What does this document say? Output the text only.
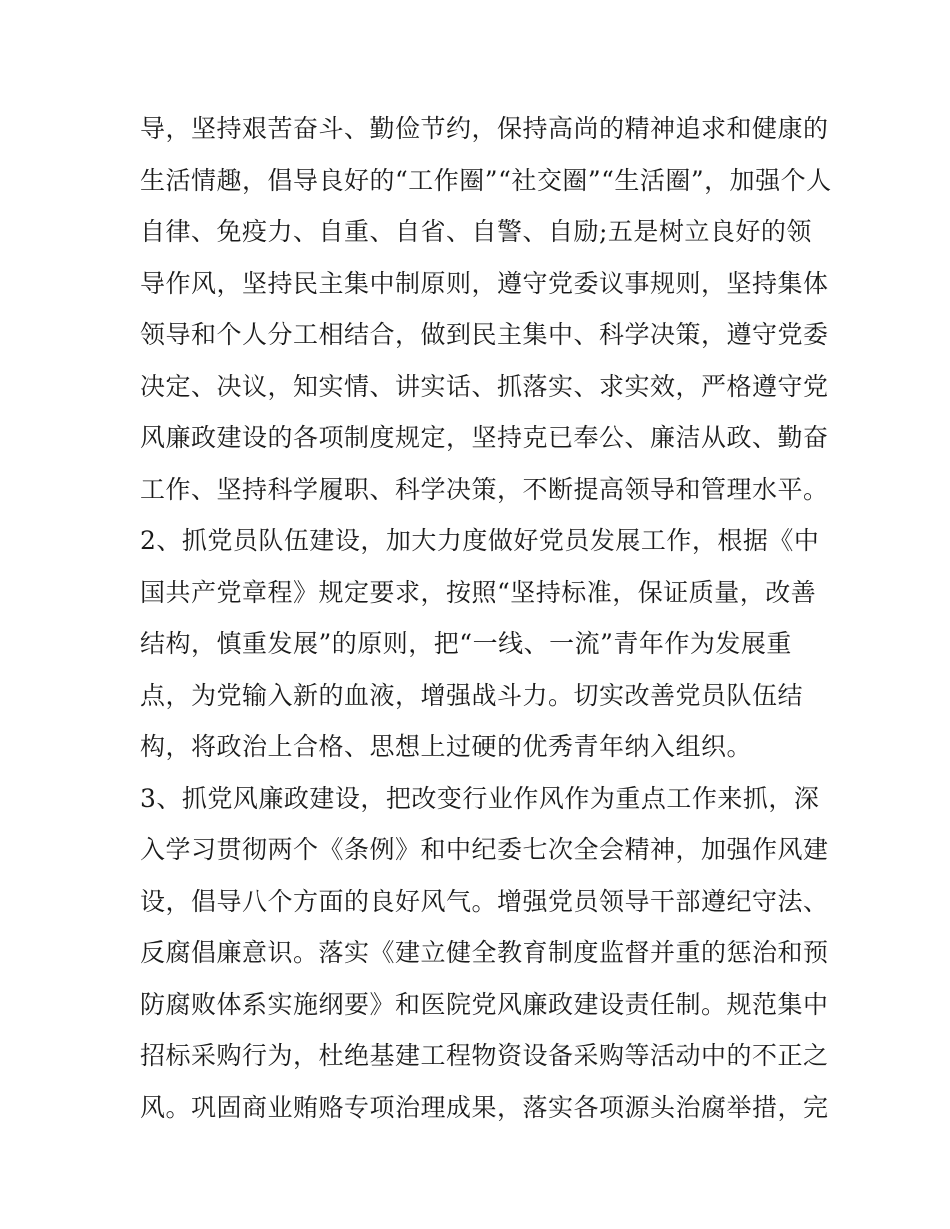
导，坚持艰苦奋斗、勤俭节约，保持高尚的精神追求和健康的
生活情趣，倡导良好的“工作圈”“社交圈”“生活圈”，加强个人
自律、免疫力、自重、自省、自警、自励;五是树立良好的领
导作风，坚持民主集中制原则，遵守党委议事规则，坚持集体
领导和个人分工相结合，做到民主集中、科学决策，遵守党委
决定、决议，知实情、讲实话、抓落实、求实效，严格遵守党
风廉政建设的各项制度规定，坚持克已奉公、廉洁从政、勤奋
工作、坚持科学履职、科学决策，不断提高领导和管理水平。
2、抓党员队伍建设，加大力度做好党员发展工作，根据《中
国共产党章程》规定要求，按照“坚持标准，保证质量，改善
结构，慎重发展”的原则，把“一线、一流”青年作为发展重
点，为党输入新的血液，增强战斗力。切实改善党员队伍结
构，将政治上合格、思想上过硬的优秀青年纳入组织。
3、抓党风廉政建设，把改变行业作风作为重点工作来抓，深
入学习贯彻两个《条例》和中纪委七次全会精神，加强作风建
设，倡导八个方面的良好风气。增强党员领导干部遵纪守法、
反腐倡廉意识。落实《建立健全教育制度监督并重的惩治和预
防腐败体系实施纲要》和医院党风廉政建设责任制。规范集中
招标采购行为，杜绝基建工程物资设备采购等活动中的不正之
风。巩固商业贿赂专项治理成果，落实各项源头治腐举措，完
